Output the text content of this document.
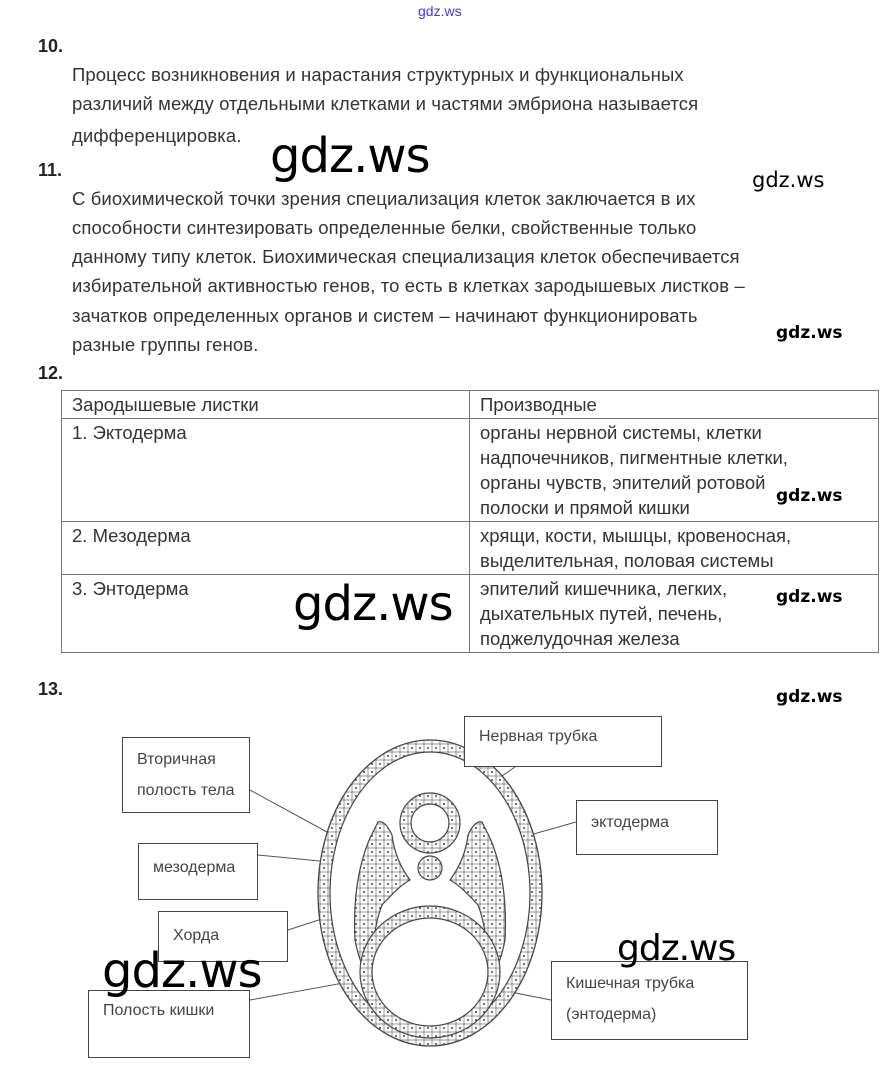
gdz.ws
10.
Процесс возникновения и нарастания структурных и функциональных
различий между отдельными клетками и частями эмбриона называется
дифференцировка.
11.
С биохимической точки зрения специализация клеток заключается в их
способности синтезировать определенные белки, свойственные только
данному типу клеток. Биохимическая специализация клеток обеспечивается
избирательной активностью генов, то есть в клетках зародышевых листков –
зачатков определенных органов и систем – начинают функционировать
разные группы генов.
12.
Зародышевые листки	Производные
1. Эктодерма	органы нервной системы, клетки
надпочечников, пигментные клетки,
органы чувств, эпителий ротовой
полоски и прямой кишки

2. Мезодерма	хрящи, кости, мышцы, кровеносная,
выделительная, половая системы

3. Энтодерма	эпителий кишечника, легких,
дыхательных путей, печень,
поджелудочная железа
13.
Вторичная
полость тела
мезодерма
Хорда
Полость кишки
Нервная трубка
эктодерма
Кишечная трубка
(энтодерма)
gdz.ws
gdz.ws
gdz.ws	gdz.ws
gdz.ws
gdz.ws
gdz.ws
gdz.ws
gdz.ws
